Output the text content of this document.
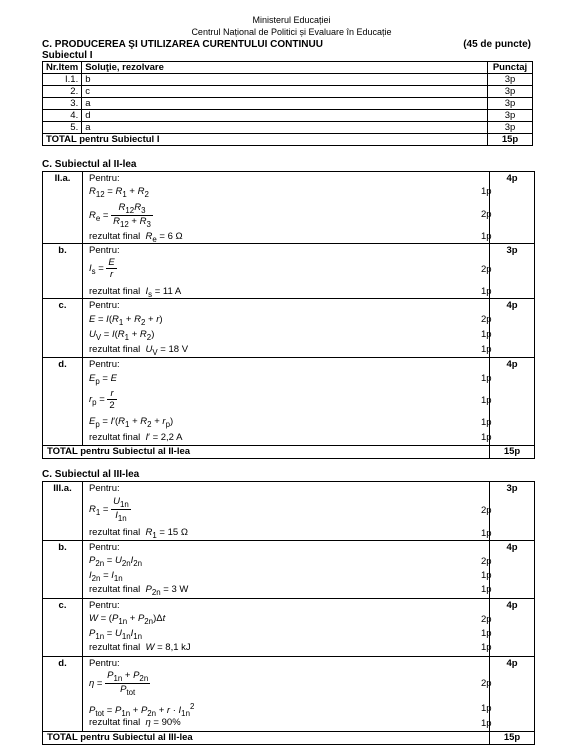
Ministerul Educației
Centrul Național de Politici și Evaluare în Educație
C. PRODUCEREA ŞI UTILIZAREA CURENTULUI CONTINUU	(45 de puncte)
Subiectul I
Nr.Item	Soluţie, rezolvare	Punctaj
I.1.	b	3p
2.	c	3p
3.	a	3p
4.	d	3p
5.	a	3p
TOTAL pentru Subiectul I		15p
C. Subiectul al II-lea
II.a.	Pentru:
$R_{12} = R_1 + R_2$	1p
$R_e = \frac{R_{12}R_3}{R_{12} + R_3}$	2p
rezultat final $R_e = 6$ Ω	1p
4p
b.	Pentru:
$I_s = \frac{E}{r}$	2p
rezultat final $I_s = 11$ A	1p
3p
c.	Pentru:
$E = I(R_1 + R_2 + r)$	2p
$U_V = I(R_1 + R_2)$	1p
rezultat final $U_V = 18$ V	1p
4p
d.	Pentru:
$E_p = E$	1p
$r_p = \frac{r}{2}$	1p
$E_p = I'(R_1 + R_2 + r_p)$	1p
rezultat final I′ = 2,2 A	1p
4p
TOTAL pentru Subiectul al II-lea	15p
C. Subiectul al III-lea
III.a.	Pentru:
$R_1 = \frac{U_{1n}}{I_{1n}}$	2p
rezultat final $R_1 = 15$ Ω	1p
3p
b.	Pentru:
$P_{2n} = U_{2n}I_{2n}$	2p
$I_{2n} = I_{1n}$	1p
rezultat final $P_{2n} = 3$ W	1p
4p
c.	Pentru:
$W = (P_{1n} + P_{2n})\Delta t$	2p
$P_{1n} = U_{1n}I_{1n}$	1p
rezultat final W = 8,1 kJ	1p
4p
d.	Pentru:
η =
$P_{1n} + P_{2n}$
$P_{tot}$
2p
$P_{tot} = P_{1n} + P_{2n} + r \cdot I_{1n}^2$	1p
rezultat final η = 90%	1p
4p
TOTAL pentru Subiectul al III-lea	15p
